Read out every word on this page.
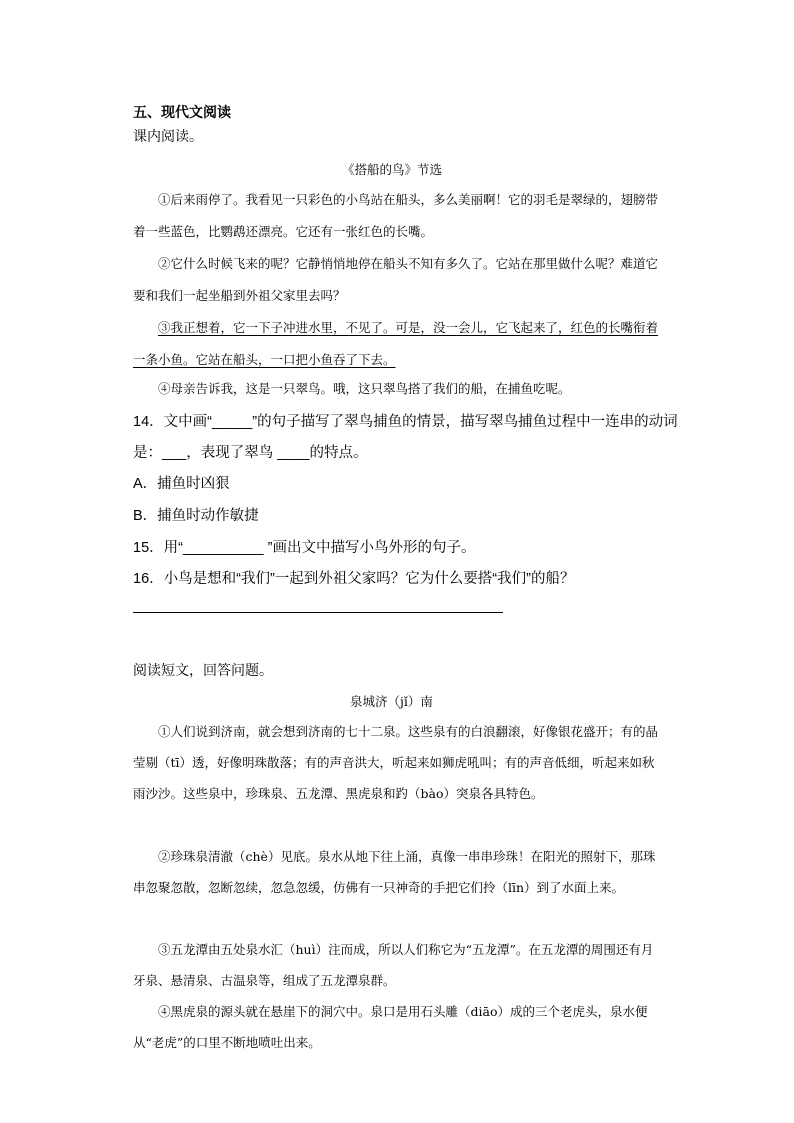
五、现代文阅读
课内阅读。
《搭船的鸟》节选
①后来雨停了。我看见一只彩色的小鸟站在船头，多么美丽啊！它的羽毛是翠绿的，翅膀带着一些蓝色，比鹦鹉还漂亮。它还有一张红色的长嘴。
②它什么时候飞来的呢？它静悄悄地停在船头不知有多久了。它站在那里做什么呢？难道它要和我们一起坐船到外祖父家里去吗？
③我正想着，它一下子冲进水里，不见了。可是，没一会儿，它飞起来了，红色的长嘴衔着一条小鱼。它站在船头，一口把小鱼吞了下去。
④母亲告诉我，这是一只翠鸟。哦，这只翠鸟搭了我们的船，在捕鱼吃呢。
14．文中画“_____”的句子描写了翠鸟捕鱼的情景，描写翠鸟捕鱼过程中一连串的动词
是：___，表现了翠鸟 ____的特点。
A．捕鱼时凶狠
B．捕鱼时动作敏捷
15．用“__________ ”画出文中描写小鸟外形的句子。
16．小鸟是想和“我们”一起到外祖父家吗？它为什么要搭“我们”的船？
阅读短文，回答问题。
泉城济（jǐ）南
①人们说到济南，就会想到济南的七十二泉。这些泉有的白浪翻滚，好像银花盛开；有的晶莹剔（tī）透，好像明珠散落；有的声音洪大，听起来如狮虎吼叫；有的声音低细，听起来如秋雨沙沙。这些泉中，珍珠泉、五龙潭、黑虎泉和趵（bào）突泉各具特色。
②珍珠泉清澈（chè）见底。泉水从地下往上涌，真像一串串珍珠！在阳光的照射下，那珠串忽聚忽散，忽断忽续，忽急忽缓，仿佛有一只神奇的手把它们拎（līn）到了水面上来。
③五龙潭由五处泉水汇（huì）注而成，所以人们称它为“五龙潭”。在五龙潭的周围还有月牙泉、悬清泉、古温泉等，组成了五龙潭泉群。
④黑虎泉的源头就在悬崖下的洞穴中。泉口是用石头雕（diāo）成的三个老虎头，泉水便从“老虎”的口里不断地喷吐出来。
